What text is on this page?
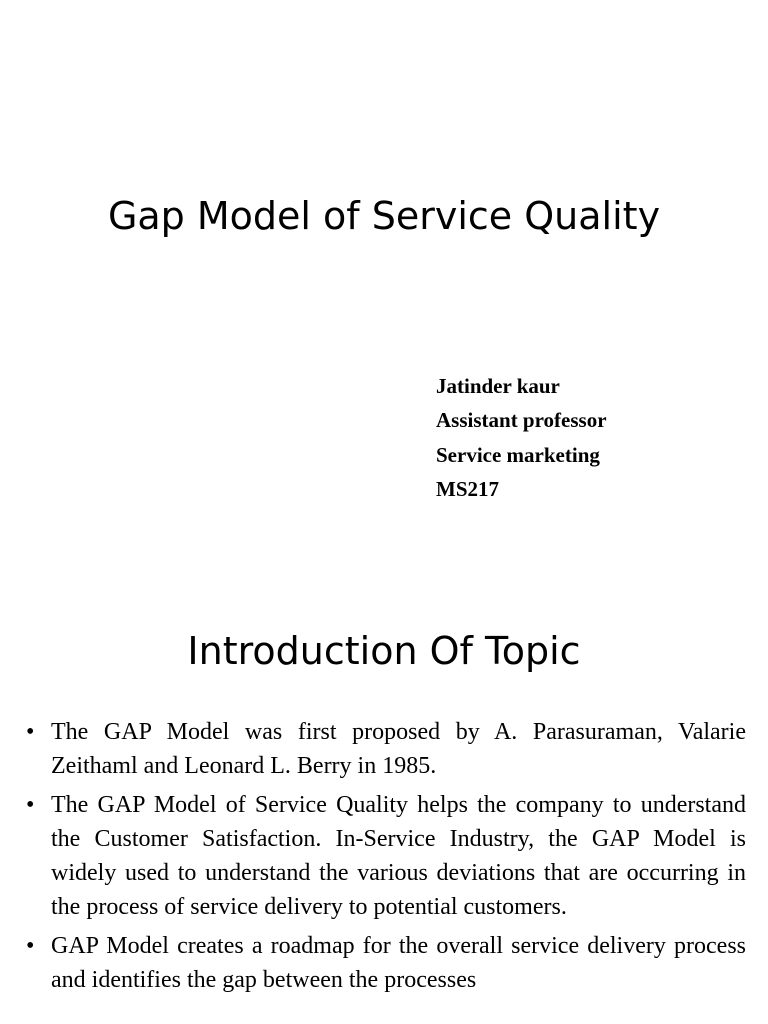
Gap Model of Service Quality
Jatinder kaur
Assistant professor
Service marketing
MS217
Introduction Of Topic
• The GAP Model was first proposed by A. Parasuraman, Valarie Zeithaml and Leonard L. Berry in 1985.
• The GAP Model of Service Quality helps the company to understand the Customer Satisfaction. In-Service Industry, the GAP Model is widely used to understand the various deviations that are occurring in the process of service delivery to potential customers.
• GAP Model creates a roadmap for the overall service delivery process and identifies the gap between the processes
